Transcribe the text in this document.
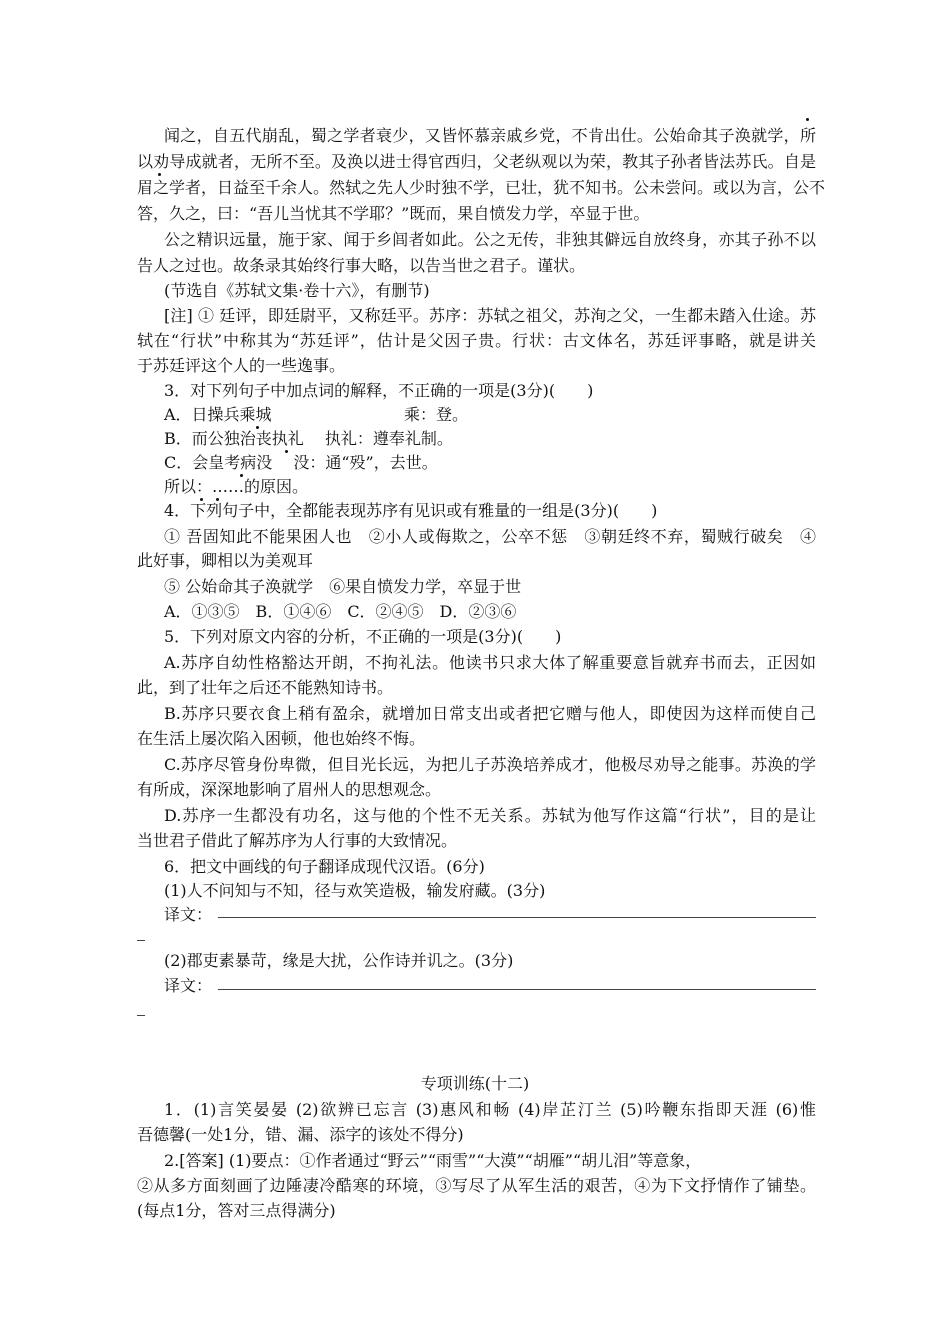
闻之，自五代崩乱，蜀之学者衰少，又皆怀慕亲戚乡党，不肯出仕。公始命其子涣就学，所
以劝导成就者，无所不至。及涣以进士得官西归，父老纵观以为荣，教其子孙者皆法苏氏。自是
眉之学者，日益至千余人。然轼之先人少时独不学，已壮，犹不知书。公未尝问。或以为言，公不
答，久之，曰：“吾儿当忧其不学耶？”既而，果自愤发力学，卒显于世。
公之精识远量，施于家、闻于乡闾者如此。公之无传，非独其僻远自放终身，亦其子孙不以
告人之过也。故条录其始终行事大略，以告当世之君子。谨状。
(节选自《苏轼文集·卷十六》，有删节)
[注] ① 廷评，即廷尉平，又称廷平。苏序：苏轼之祖父，苏洵之父，一生都未踏入仕途。苏
轼在“行状”中称其为“苏廷评”，估计是父因子贵。行状：古文体名，苏廷评事略，就是讲关
于苏廷评这个人的一些逸事。
3．对下列句子中加点词的解释，不正确的一项是(3分)(　　)
A．日操兵乘城	乘：登。
B．而公独治丧执礼　 执礼：遵奉礼制。
C．会皇考病没　 没：通“殁”，去世。
所以：……的原因。
4．下列句子中，全都能表现苏序有见识或有雅量的一组是(3分)(　　)
① 吾固知此不能果困人也　②小人或侮欺之，公卒不惩　③朝廷终不弃，蜀贼行破矣　④
此好事，卿相以为美观耳
⑤ 公始命其子涣就学　⑥果自愤发力学，卒显于世
A．①③⑤　B．①④⑥　C．②④⑤　D．②③⑥
5．下列对原文内容的分析，不正确的一项是(3分)(　　)
A.苏序自幼性格豁达开朗，不拘礼法。他读书只求大体了解重要意旨就弃书而去，正因如
此，到了壮年之后还不能熟知诗书。
B.苏序只要衣食上稍有盈余，就增加日常支出或者把它赠与他人，即使因为这样而使自己
在生活上屡次陷入困顿，他也始终不悔。
C.苏序尽管身份卑微，但目光长远，为把儿子苏涣培养成才，他极尽劝导之能事。苏涣的学
有所成，深深地影响了眉州人的思想观念。
D.苏序一生都没有功名，这与他的个性不无关系。苏轼为他写作这篇“行状”，目的是让
当世君子借此了解苏序为人行事的大致情况。
6．把文中画线的句子翻译成现代汉语。(6分)
(1)人不问知与不知，径与欢笑造极，输发府藏。(3分)
译文：
(2)郡吏素暴苛，缘是大扰，公作诗并讥之。(3分)
译文：
专项训练(十二)
1．(1)言笑晏晏 (2)欲辨已忘言 (3)惠风和畅 (4)岸芷汀兰 (5)吟鞭东指即天涯 (6)惟
吾德馨(一处1分，错、漏、添字的该处不得分)
2.[答案] (1)要点：①作者通过“野云”“雨雪”“大漠”“胡雁”“胡儿泪”等意象，
②从多方面刻画了边陲凄冷酷寒的环境，③写尽了从军生活的艰苦，④为下文抒情作了铺垫。
(每点1分，答对三点得满分)
